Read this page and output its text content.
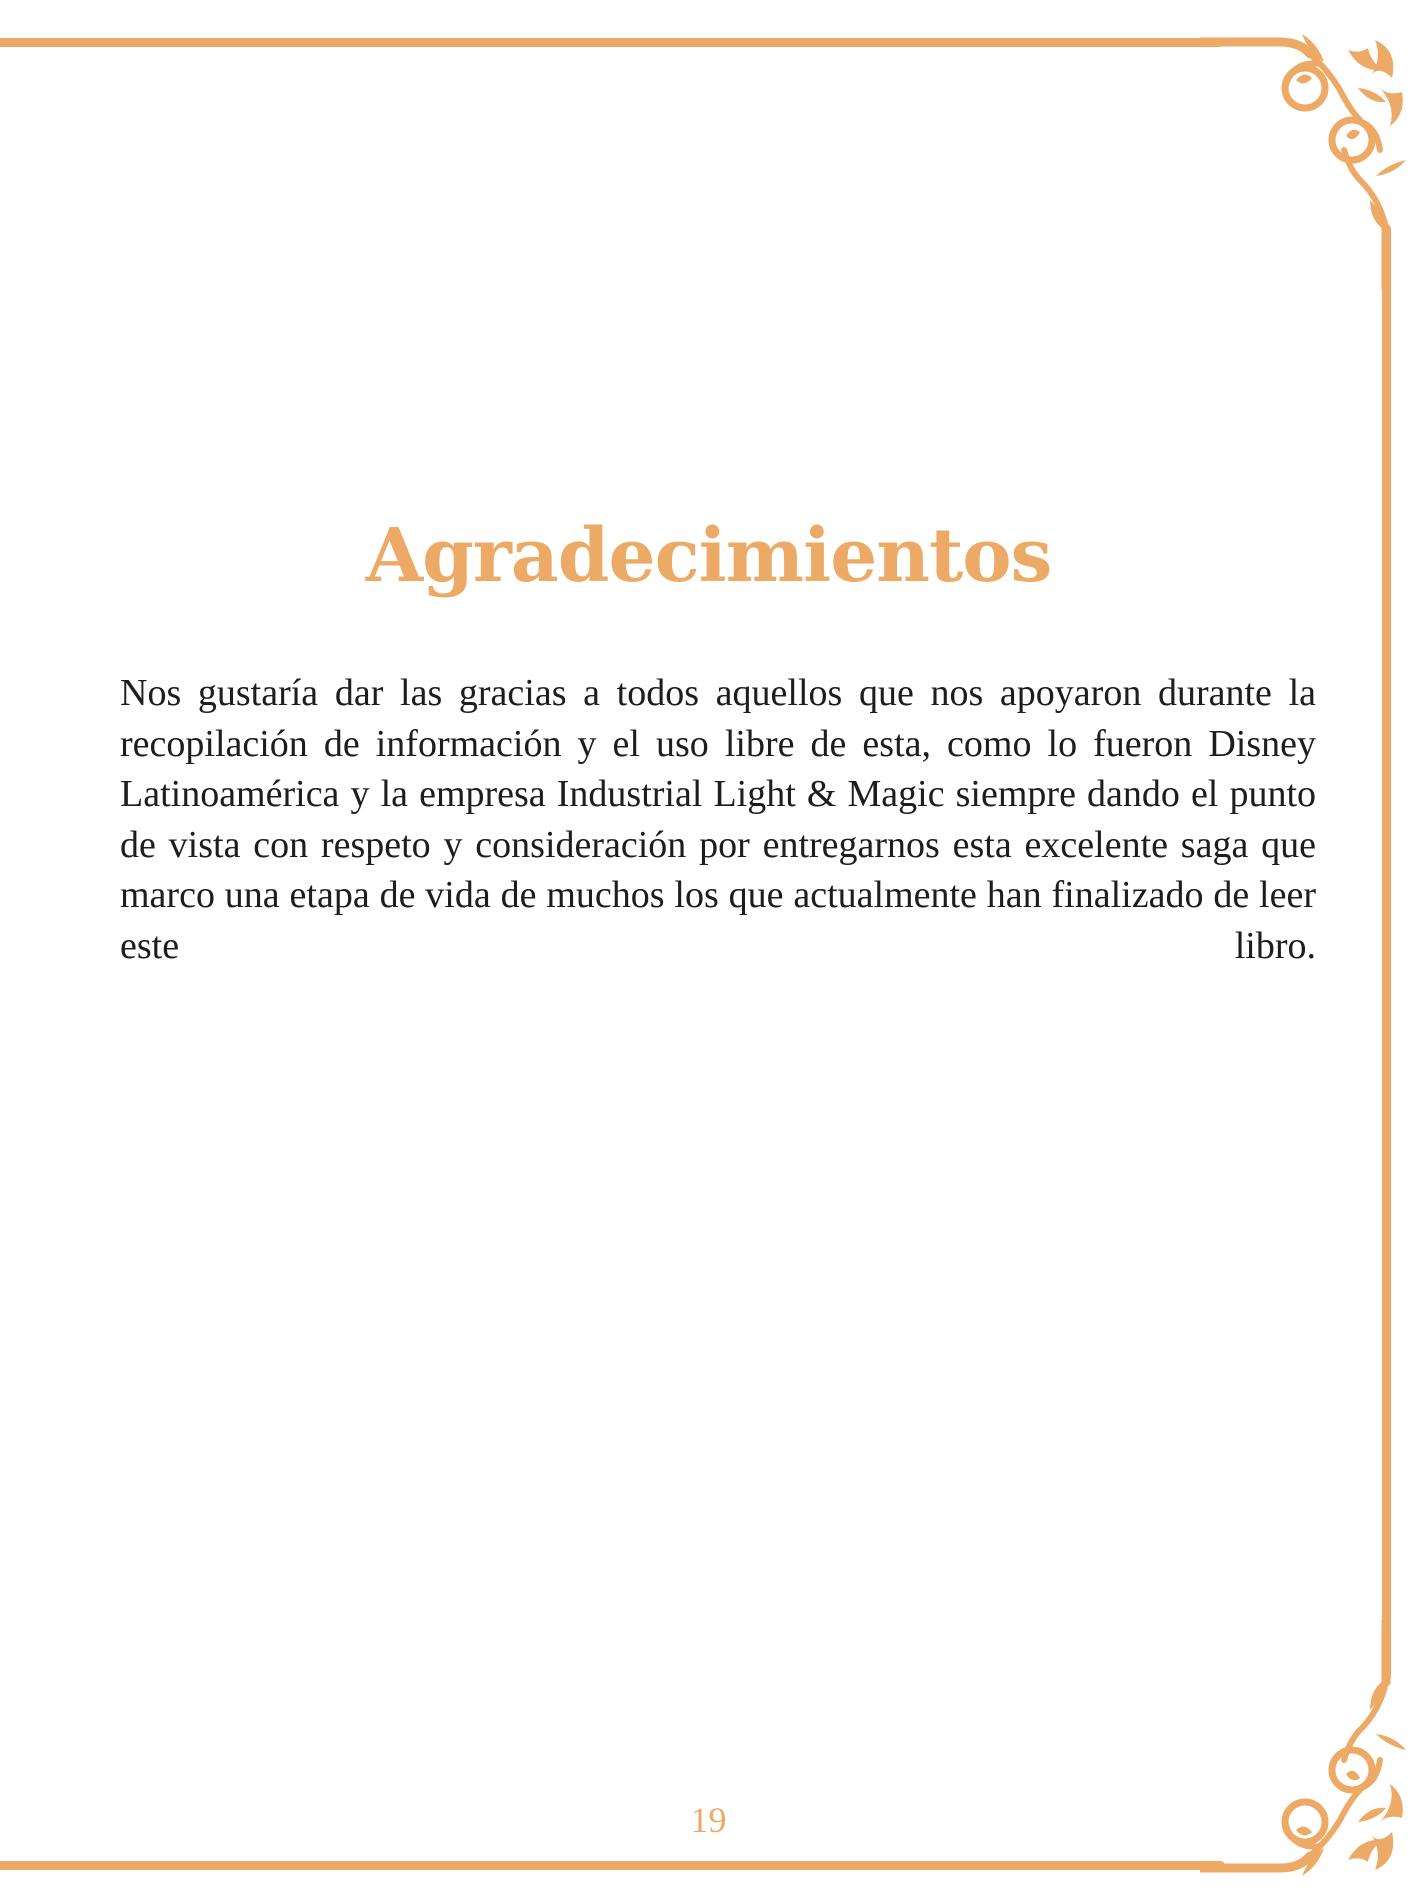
Agradecimientos

Nos gustaría dar las gracias a todos aquellos que nos apoyaron durante la recopilación de información y el uso libre de esta, como lo fueron Disney Latinoamérica y la empresa Industrial Light & Magic siempre dando el punto de vista con respeto y consideración por entregarnos esta excelente saga que marco una etapa de vida de muchos los que actualmente han finalizado de leer este libro.

19
